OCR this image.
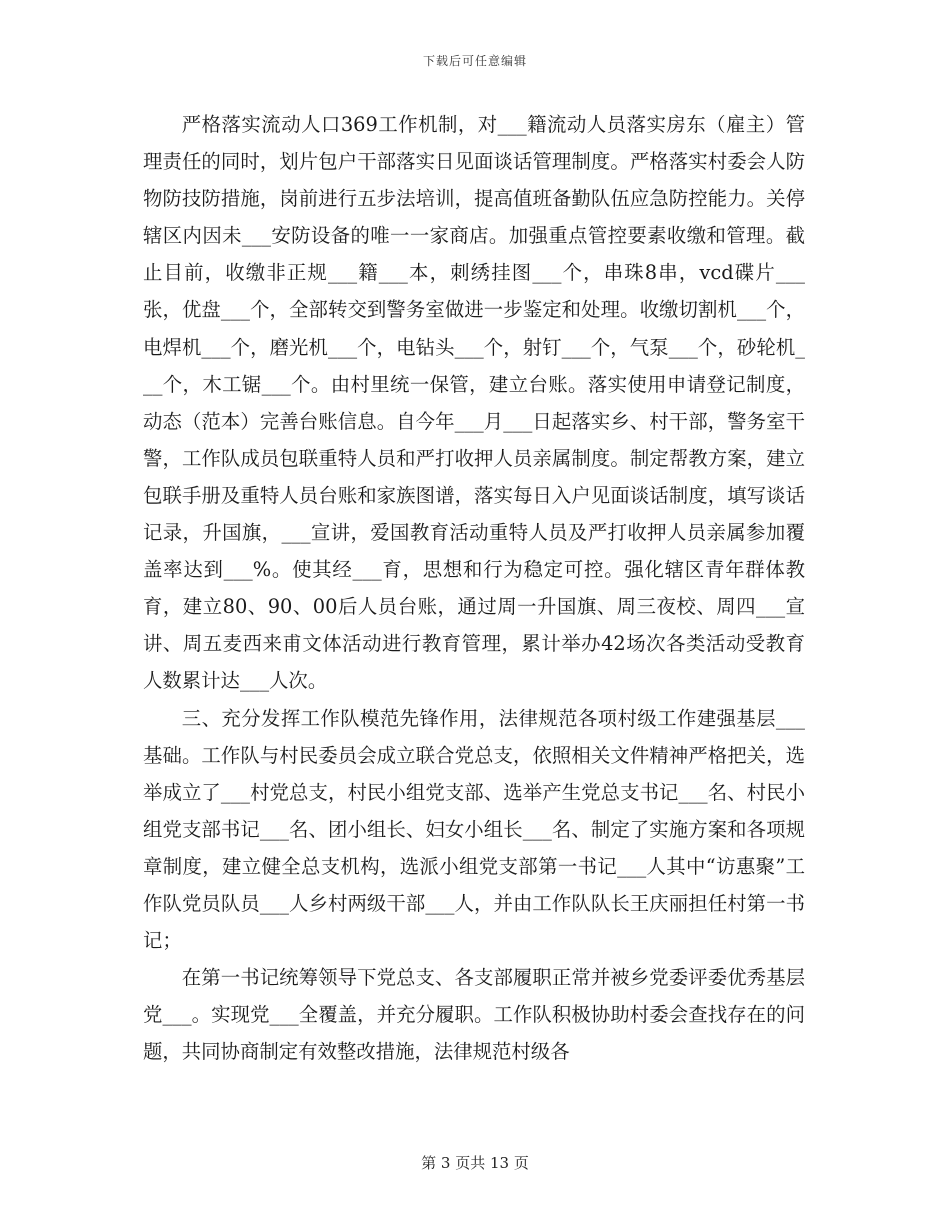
下载后可任意编辑

严格落实流动人口369工作机制，对___籍流动人员落实房东（雇主）管理责任的同时，划片包户干部落实日见面谈话管理制度。严格落实村委会人防物防技防措施，岗前进行五步法培训，提高值班备勤队伍应急防控能力。关停辖区内因未___安防设备的唯一一家商店。加强重点管控要素收缴和管理。截止目前，收缴非正规___籍___本，刺绣挂图___个，串珠8串，vcd碟片___张，优盘___个，全部转交到警务室做进一步鉴定和处理。收缴切割机___个，电焊机___个，磨光机___个，电钻头___个，射钉___个，气泵___个，砂轮机___个，木工锯___个。由村里统一保管，建立台账。落实使用申请登记制度，动态（范本）完善台账信息。自今年___月___日起落实乡、村干部，警务室干警，工作队成员包联重特人员和严打收押人员亲属制度。制定帮教方案，建立包联手册及重特人员台账和家族图谱，落实每日入户见面谈话制度，填写谈话记录，升国旗，___宣讲，爱国教育活动重特人员及严打收押人员亲属参加覆盖率达到___%。使其经___育，思想和行为稳定可控。强化辖区青年群体教育，建立80、90、00后人员台账，通过周一升国旗、周三夜校、周四___宣讲、周五麦西来甫文体活动进行教育管理，累计举办42场次各类活动受教育人数累计达___人次。

三、充分发挥工作队模范先锋作用，法律规范各项村级工作建强基层___基础。工作队与村民委员会成立联合党总支，依照相关文件精神严格把关，选举成立了___村党总支，村民小组党支部、选举产生党总支书记___名、村民小组党支部书记___名、团小组长、妇女小组长___名、制定了实施方案和各项规章制度，建立健全总支机构，选派小组党支部第一书记___人其中“访惠聚”工作队党员队员___人乡村两级干部___人，并由工作队队长王庆丽担任村第一书记；

在第一书记统筹领导下党总支、各支部履职正常并被乡党委评委优秀基层党___。实现党___全覆盖，并充分履职。工作队积极协助村委会查找存在的问题，共同协商制定有效整改措施，法律规范村级各

第 3 页共 13 页
